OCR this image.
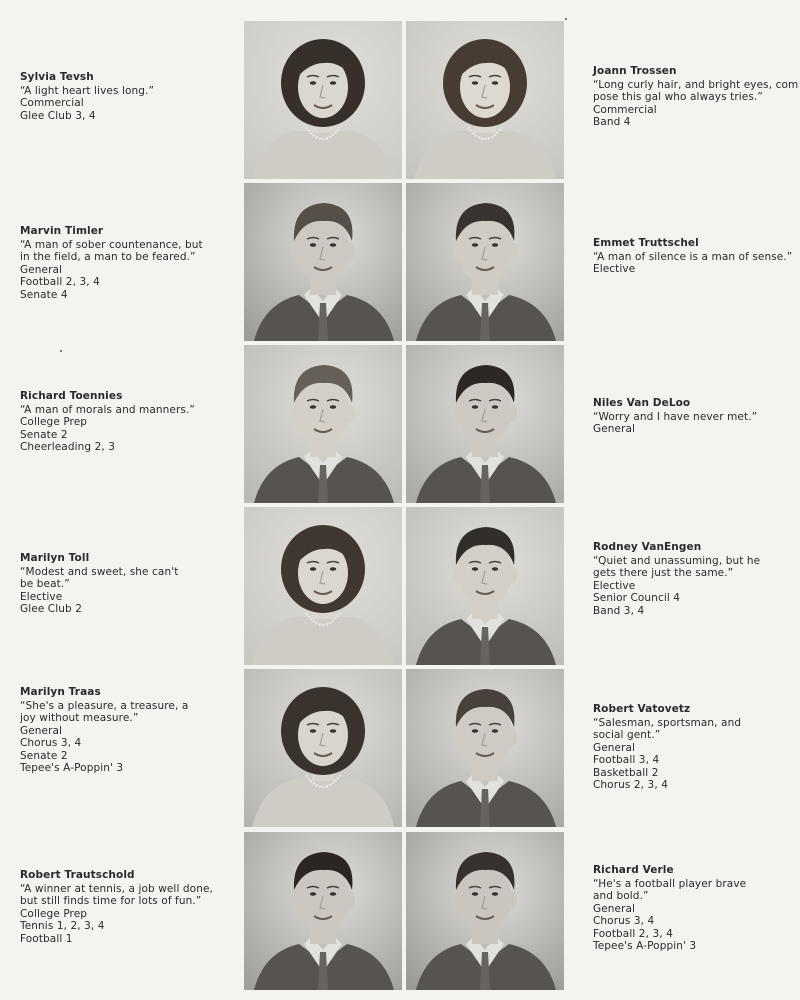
Sylvia Tevsh
“A light heart lives long.”
Commercial
Glee Club 3, 4
Marvin Timler
“A man of sober countenance, but
in the field, a man to be feared.”
General
Football 2, 3, 4
Senate 4
Richard Toennies
“A man of morals and manners.”
College Prep
Senate 2
Cheerleading 2, 3
Marilyn Toll
“Modest and sweet, she can't
be beat.”
Elective
Glee Club 2
Marilyn Traas
“She's a pleasure, a treasure, a
joy without measure.”
General
Chorus 3, 4
Senate 2
Tepee's A-Poppin' 3
Robert Trautschold
“A winner at tennis, a job well done,
but still finds time for lots of fun.”
College Prep
Tennis 1, 2, 3, 4
Football 1
Joann Trossen
“Long curly hair, and bright eyes, com
pose this gal who always tries.”
Commercial
Band 4
Emmet Truttschel
“A man of silence is a man of sense.”
Elective
Niles Van DeLoo
“Worry and I have never met.”
General
Rodney VanEngen
“Quiet and unassuming, but he
gets there just the same.”
Elective
Senior Council 4
Band 3, 4
Robert Vatovetz
“Salesman, sportsman, and
social gent.”
General
Football 3, 4
Basketball 2
Chorus 2, 3, 4
Richard Verle
“He's a football player brave
and bold.”
General
Chorus 3, 4
Football 2, 3, 4
Tepee's A-Poppin' 3
